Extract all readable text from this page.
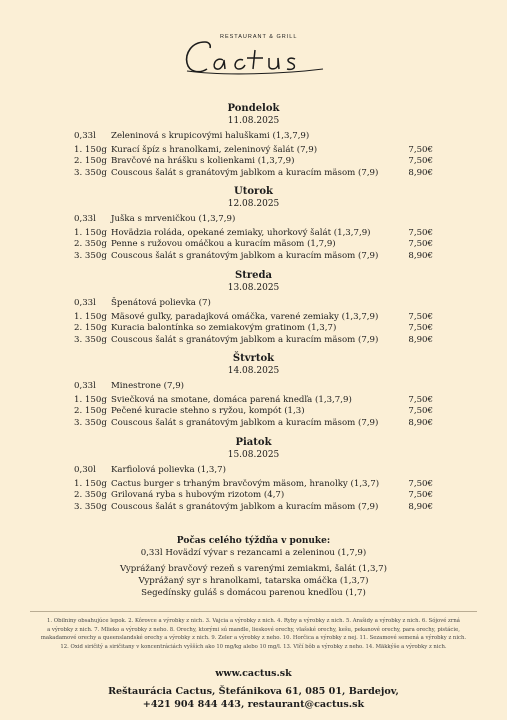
RESTAURANT & GRILL
Pondelok
11.08.2025
0,33l Zeleninová s krupicovými haluškami (1,3,7,9)
1. 150g Kurací špíz s hranolkami, zeleninový šalát (7,9)	7,50€
2. 150g Bravčové na hrášku s kolienkami (1,3,7,9)	7,50€
3. 350g Couscous šalát s granátovým jablkom a kuracím mäsom (7,9)	8,90€
Utorok
12.08.2025
0,33l Juška s mrveničkou (1,3,7,9)
1. 150g Hovädzia roláda, opekané zemiaky, uhorkový šalát (1,3,7,9)	7,50€
2. 350g Penne s ružovou omáčkou a kuracím mäsom (1,7,9)	7,50€
3. 350g Couscous šalát s granátovým jablkom a kuracím mäsom (7,9)	8,90€
Streda
13.08.2025
0,33l Špenátová polievka (7)
1. 150g Mäsové guľky, paradajková omáčka, varené zemiaky (1,3,7,9)	7,50€
2. 150g Kuracia balontínka so zemiakovým gratinom (1,3,7)	7,50€
3. 350g Couscous šalát s granátovým jablkom a kuracím mäsom (7,9)	8,90€
Štvrtok
14.08.2025
0,33l Minestrone (7,9)
1. 150g Sviečková na smotane, domáca parená knedľa (1,3,7,9)	7,50€
2. 150g Pečené kuracie stehno s ryžou, kompót (1,3)	7,50€
3. 350g Couscous šalát s granátovým jablkom a kuracím mäsom (7,9)	8,90€
Piatok
15.08.2025
0,30l Karfiolová polievka (1,3,7)
1. 150g Cactus burger s trhaným bravčovým mäsom, hranolky (1,3,7)	7,50€
2. 350g Grilovaná ryba s hubovým rizotom (4,7)	7,50€
3. 350g Couscous šalát s granátovým jablkom a kuracím mäsom (7,9)	8,90€
Počas celého týždňa v ponuke:
0,33l Hovädzí vývar s rezancami a zeleninou (1,7,9)
Vyprážaný bravčový rezeň s varenými zemiakmi, šalát (1,3,7)
Vyprážaný syr s hranolkami, tatarska omáčka (1,3,7)
Segedínsky guláš s domácou parenou knedľou (1,7)
1. Obilniny obsahujúce lepok. 2. Kôrovce a výrobky z nich. 3. Vajcia a výrobky z nich. 4. Ryby a výrobky z nich. 5. Arašidy a výrobky z nich. 6. Sójové zrná
a výrobky z nich. 7. Mlieko a výrobky z neho. 8. Orechy, ktorými sú mandle, lieskové orechy, vlašské orechy, kešu, pekanové orechy, para orechy, pistácie,
makadamové orechy a queenslandské orechy a výrobky z nich. 9. Zeler a výrobky z neho. 10. Horčica a výrobky z nej. 11. Sezamové semená a výrobky z nich.
12. Oxid siričitý a siričitany v koncentráciách vyšších ako 10 mg/kg alebo 10 mg/l. 13. Vlčí bôb a výrobky z neho. 14. Mäkkýše a výrobky z nich.
www.cactus.sk
Reštaurácia Cactus, Štefánikova 61, 085 01, Bardejov,
+421 904 844 443, restaurant@cactus.sk
